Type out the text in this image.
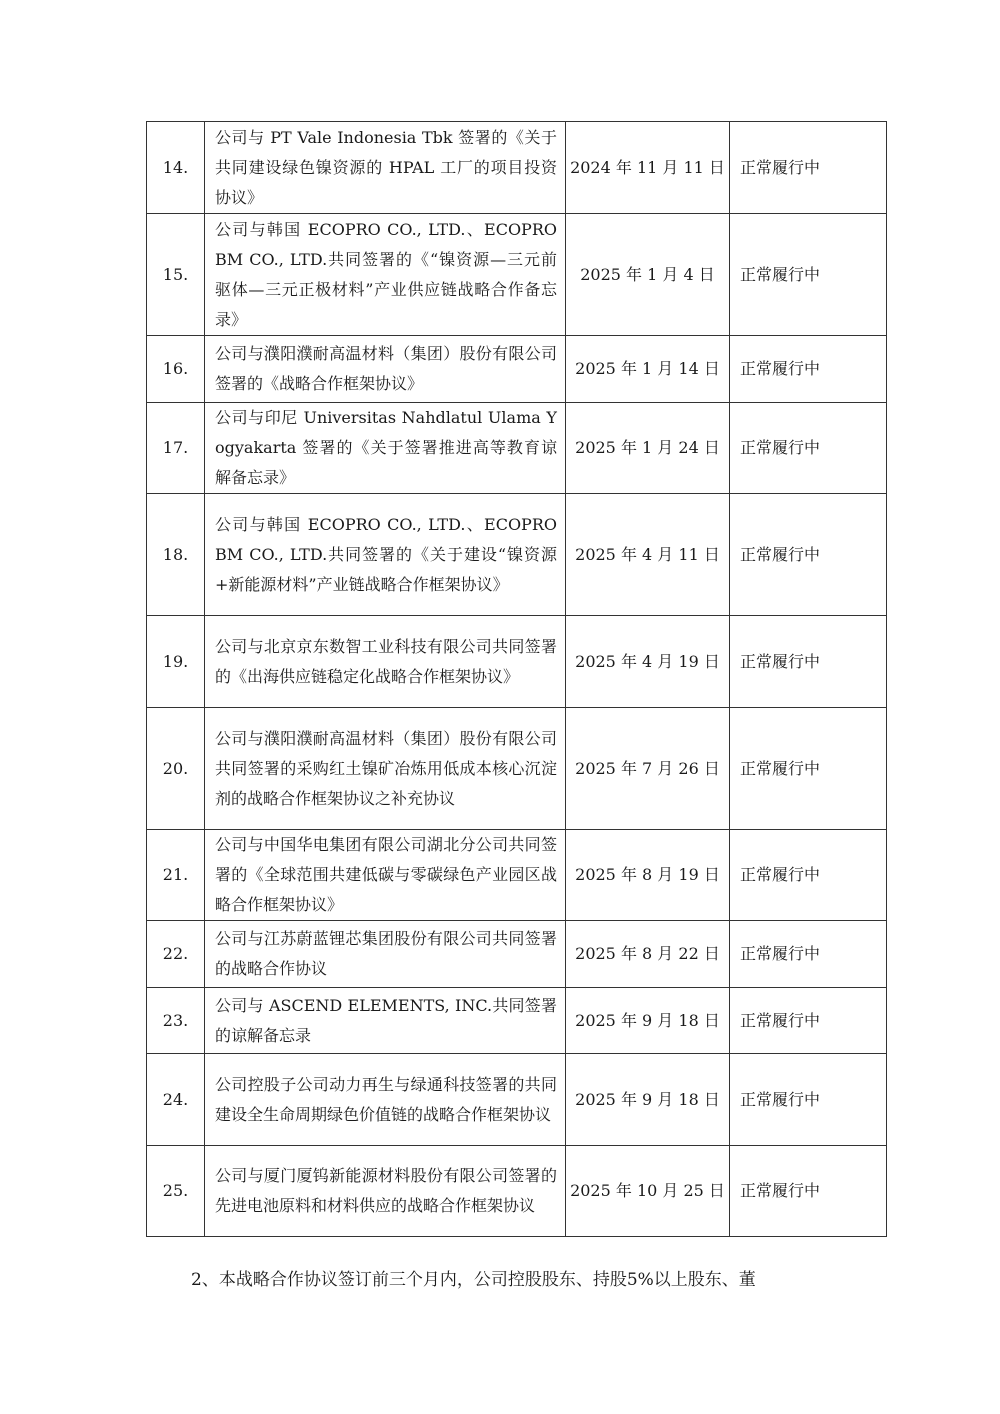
14.	公司与 PT Vale Indonesia Tbk 签署的《关于共同建设绿色镍资源的 HPAL 工厂的项目投资协议》	2024 年 11 月 11 日	正常履行中
15.	公司与韩国 ECOPRO CO., LTD.、ECOPRO BM CO., LTD.共同签署的《“镍资源—三元前驱体—三元正极材料”产业供应链战略合作备忘录》	2025 年 1 月 4 日	正常履行中
16.	公司与濮阳濮耐高温材料（集团）股份有限公司签署的《战略合作框架协议》	2025 年 1 月 14 日	正常履行中
17.	公司与印尼 Universitas Nahdlatul Ulama Yogyakarta 签署的《关于签署推进高等教育谅解备忘录》	2025 年 1 月 24 日	正常履行中
18.	公司与韩国 ECOPRO CO., LTD.、ECOPRO BM CO., LTD.共同签署的《关于建设“镍资源+新能源材料”产业链战略合作框架协议》	2025 年 4 月 11 日	正常履行中
19.	公司与北京京东数智工业科技有限公司共同签署的《出海供应链稳定化战略合作框架协议》	2025 年 4 月 19 日	正常履行中
20.	公司与濮阳濮耐高温材料（集团）股份有限公司共同签署的采购红土镍矿冶炼用低成本核心沉淀剂的战略合作框架协议之补充协议	2025 年 7 月 26 日	正常履行中
21.	公司与中国华电集团有限公司湖北分公司共同签署的《全球范围共建低碳与零碳绿色产业园区战略合作框架协议》	2025 年 8 月 19 日	正常履行中
22.	公司与江苏蔚蓝锂芯集团股份有限公司共同签署的战略合作协议	2025 年 8 月 22 日	正常履行中
23.	公司与 ASCEND ELEMENTS, INC.共同签署的谅解备忘录	2025 年 9 月 18 日	正常履行中
24.	公司控股子公司动力再生与绿通科技签署的共同建设全生命周期绿色价值链的战略合作框架协议	2025 年 9 月 18 日	正常履行中
25.	公司与厦门厦钨新能源材料股份有限公司签署的先进电池原料和材料供应的战略合作框架协议	2025 年 10 月 25 日	正常履行中

2、本战略合作协议签订前三个月内，公司控股股东、持股5%以上股东、董
